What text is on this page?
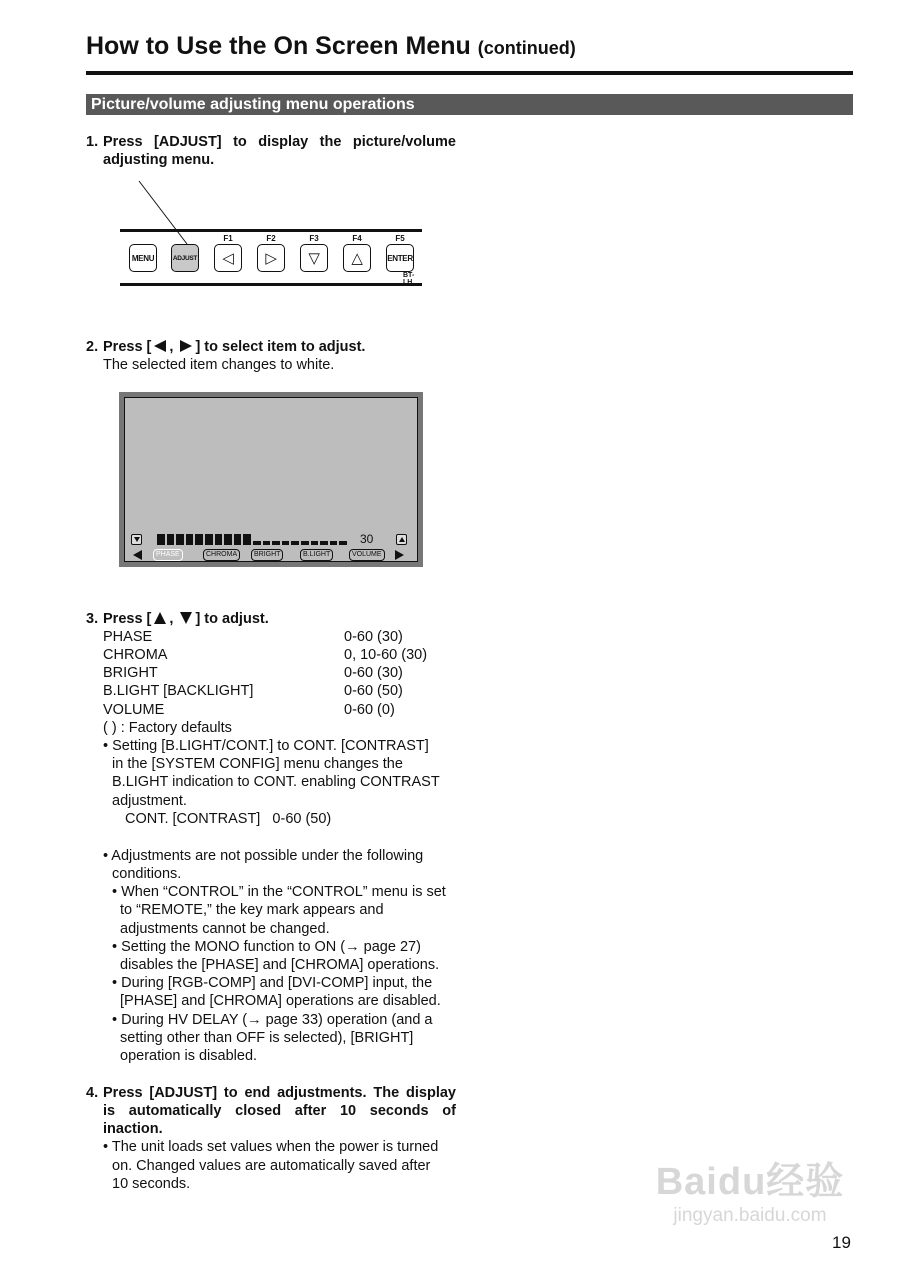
How to Use the On Screen Menu (continued)
Picture/volume adjusting menu operations
1. Press [ADJUST] to display the picture/volume
adjusting menu.
MENU	ADJUST
F1
◁
F2
▷
F3
▽
F4
△
F5
ENTER
BT-LH
2. Press [ , ] to select item to adjust.
The selected item changes to white.
30
PHASE	CHROMA	BRIGHT	B.LIGHT	VOLUME
3. Press [ , ] to adjust.
PHASE	0-60 (30)
CHROMA	0, 10-60 (30)
BRIGHT	0-60 (30)
B.LIGHT [BACKLIGHT]	0-60 (50)
VOLUME	0-60 (0)
( ) : Factory defaults
• Setting [B.LIGHT/CONT.] to CONT. [CONTRAST]
in the [SYSTEM CONFIG] menu changes the
B.LIGHT indication to CONT. enabling CONTRAST
adjustment.
CONT. [CONTRAST]   0-60 (50)
• Adjustments are not possible under the following
conditions.
• When “CONTROL” in the “CONTROL” menu is set
to “REMOTE,” the key mark appears and
adjustments cannot be changed.
• Setting the MONO function to ON (→ page 27)
disables the [PHASE] and [CHROMA] operations.
• During [RGB-COMP] and [DVI-COMP] input, the
[PHASE] and [CHROMA] operations are disabled.
• During HV DELAY (→ page 33) operation (and a
setting other than OFF is selected), [BRIGHT]
operation is disabled.
4. Press [ADJUST] to end adjustments. The display
is automatically closed after 10 seconds of
inaction.
• The unit loads set values when the power is turned
on. Changed values are automatically saved after
10 seconds.	Baidu经验
jingyan.baidu.com
19
